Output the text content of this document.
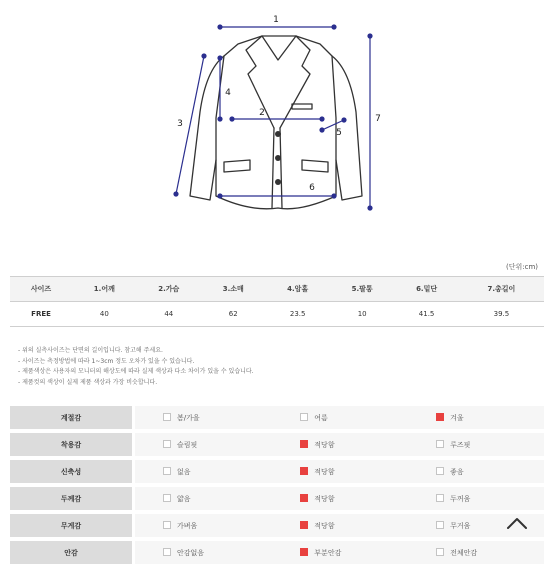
1
2
3
4
5
6
7
(단위:cm)
사이즈	1.어깨	2.가슴	3.소매	4.암홀	5.팔통	6.밑단	7.총길이
FREE	40	44	62	23.5	10	41.5	39.5
- 위의 실측사이즈는 단면의 길이입니다. 참고해 주세요.
- 사이즈는 측정방법에 따라 1~3cm 정도 오차가 있을 수 있습니다.
- 제품색상은 사용자의 모니터의 해상도에 따라 실제 색상과 다소 차이가 있을 수 있습니다.
- 제품컷의 색상이 실제 제품 색상과 가장 비슷합니다.
계절감	봄/가을	여름	겨울
착용감	슬림핏	적당함	루즈핏
신축성	없음	적당함	좋음
두께감	얇음	적당함	두꺼움
무게감	가벼움	적당함	무거움
안감	안감없음	부분안감	전체안감
